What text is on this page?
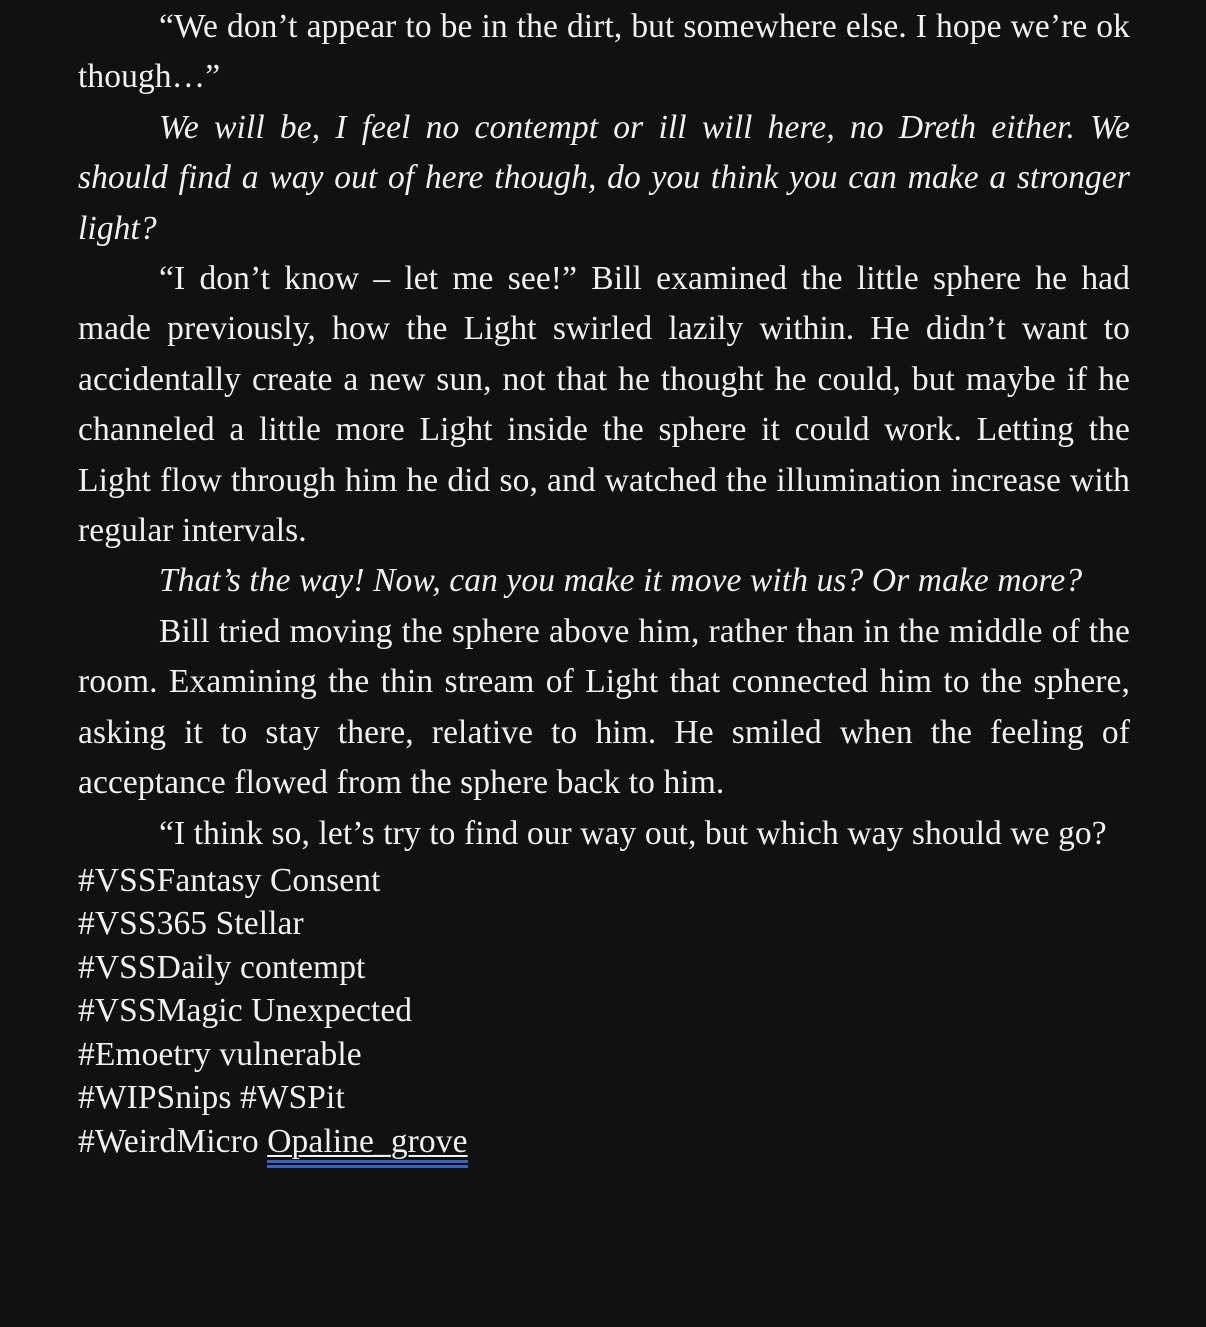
“We don’t appear to be in the dirt, but somewhere else. I hope we’re ok though…”

We will be, I feel no contempt or ill will here, no Dreth either. We should find a way out of here though, do you think you can make a stronger light?

“I don’t know – let me see!” Bill examined the little sphere he had made previously, how the Light swirled lazily within. He didn’t want to accidentally create a new sun, not that he thought he could, but maybe if he channeled a little more Light inside the sphere it could work. Letting the Light flow through him he did so, and watched the illumination increase with regular intervals.

That’s the way! Now, can you make it move with us? Or make more?

Bill tried moving the sphere above him, rather than in the middle of the room. Examining the thin stream of Light that connected him to the sphere, asking it to stay there, relative to him. He smiled when the feeling of acceptance flowed from the sphere back to him.

“I think so, let’s try to find our way out, but which way should we go?

#VSSFantasy Consent

#VSS365 Stellar

#VSSDaily contempt

#VSSMagic Unexpected

#Emoetry vulnerable

#WIPSnips #WSPit

#WeirdMicro Opaline_grove
